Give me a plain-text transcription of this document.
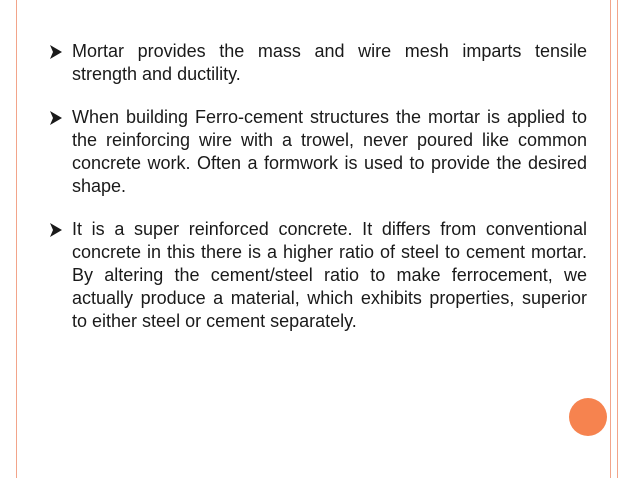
Mortar provides the mass and wire mesh imparts tensile strength and ductility.

When building Ferro-cement structures the mortar is applied to the reinforcing wire with a trowel, never poured like common concrete work. Often a formwork is used to provide the desired shape.

It is a super reinforced concrete. It differs from conventional concrete in this there is a higher ratio of steel to cement mortar. By altering the cement/steel ratio to make ferrocement, we actually produce a material, which exhibits properties, superior to either steel or cement separately.
